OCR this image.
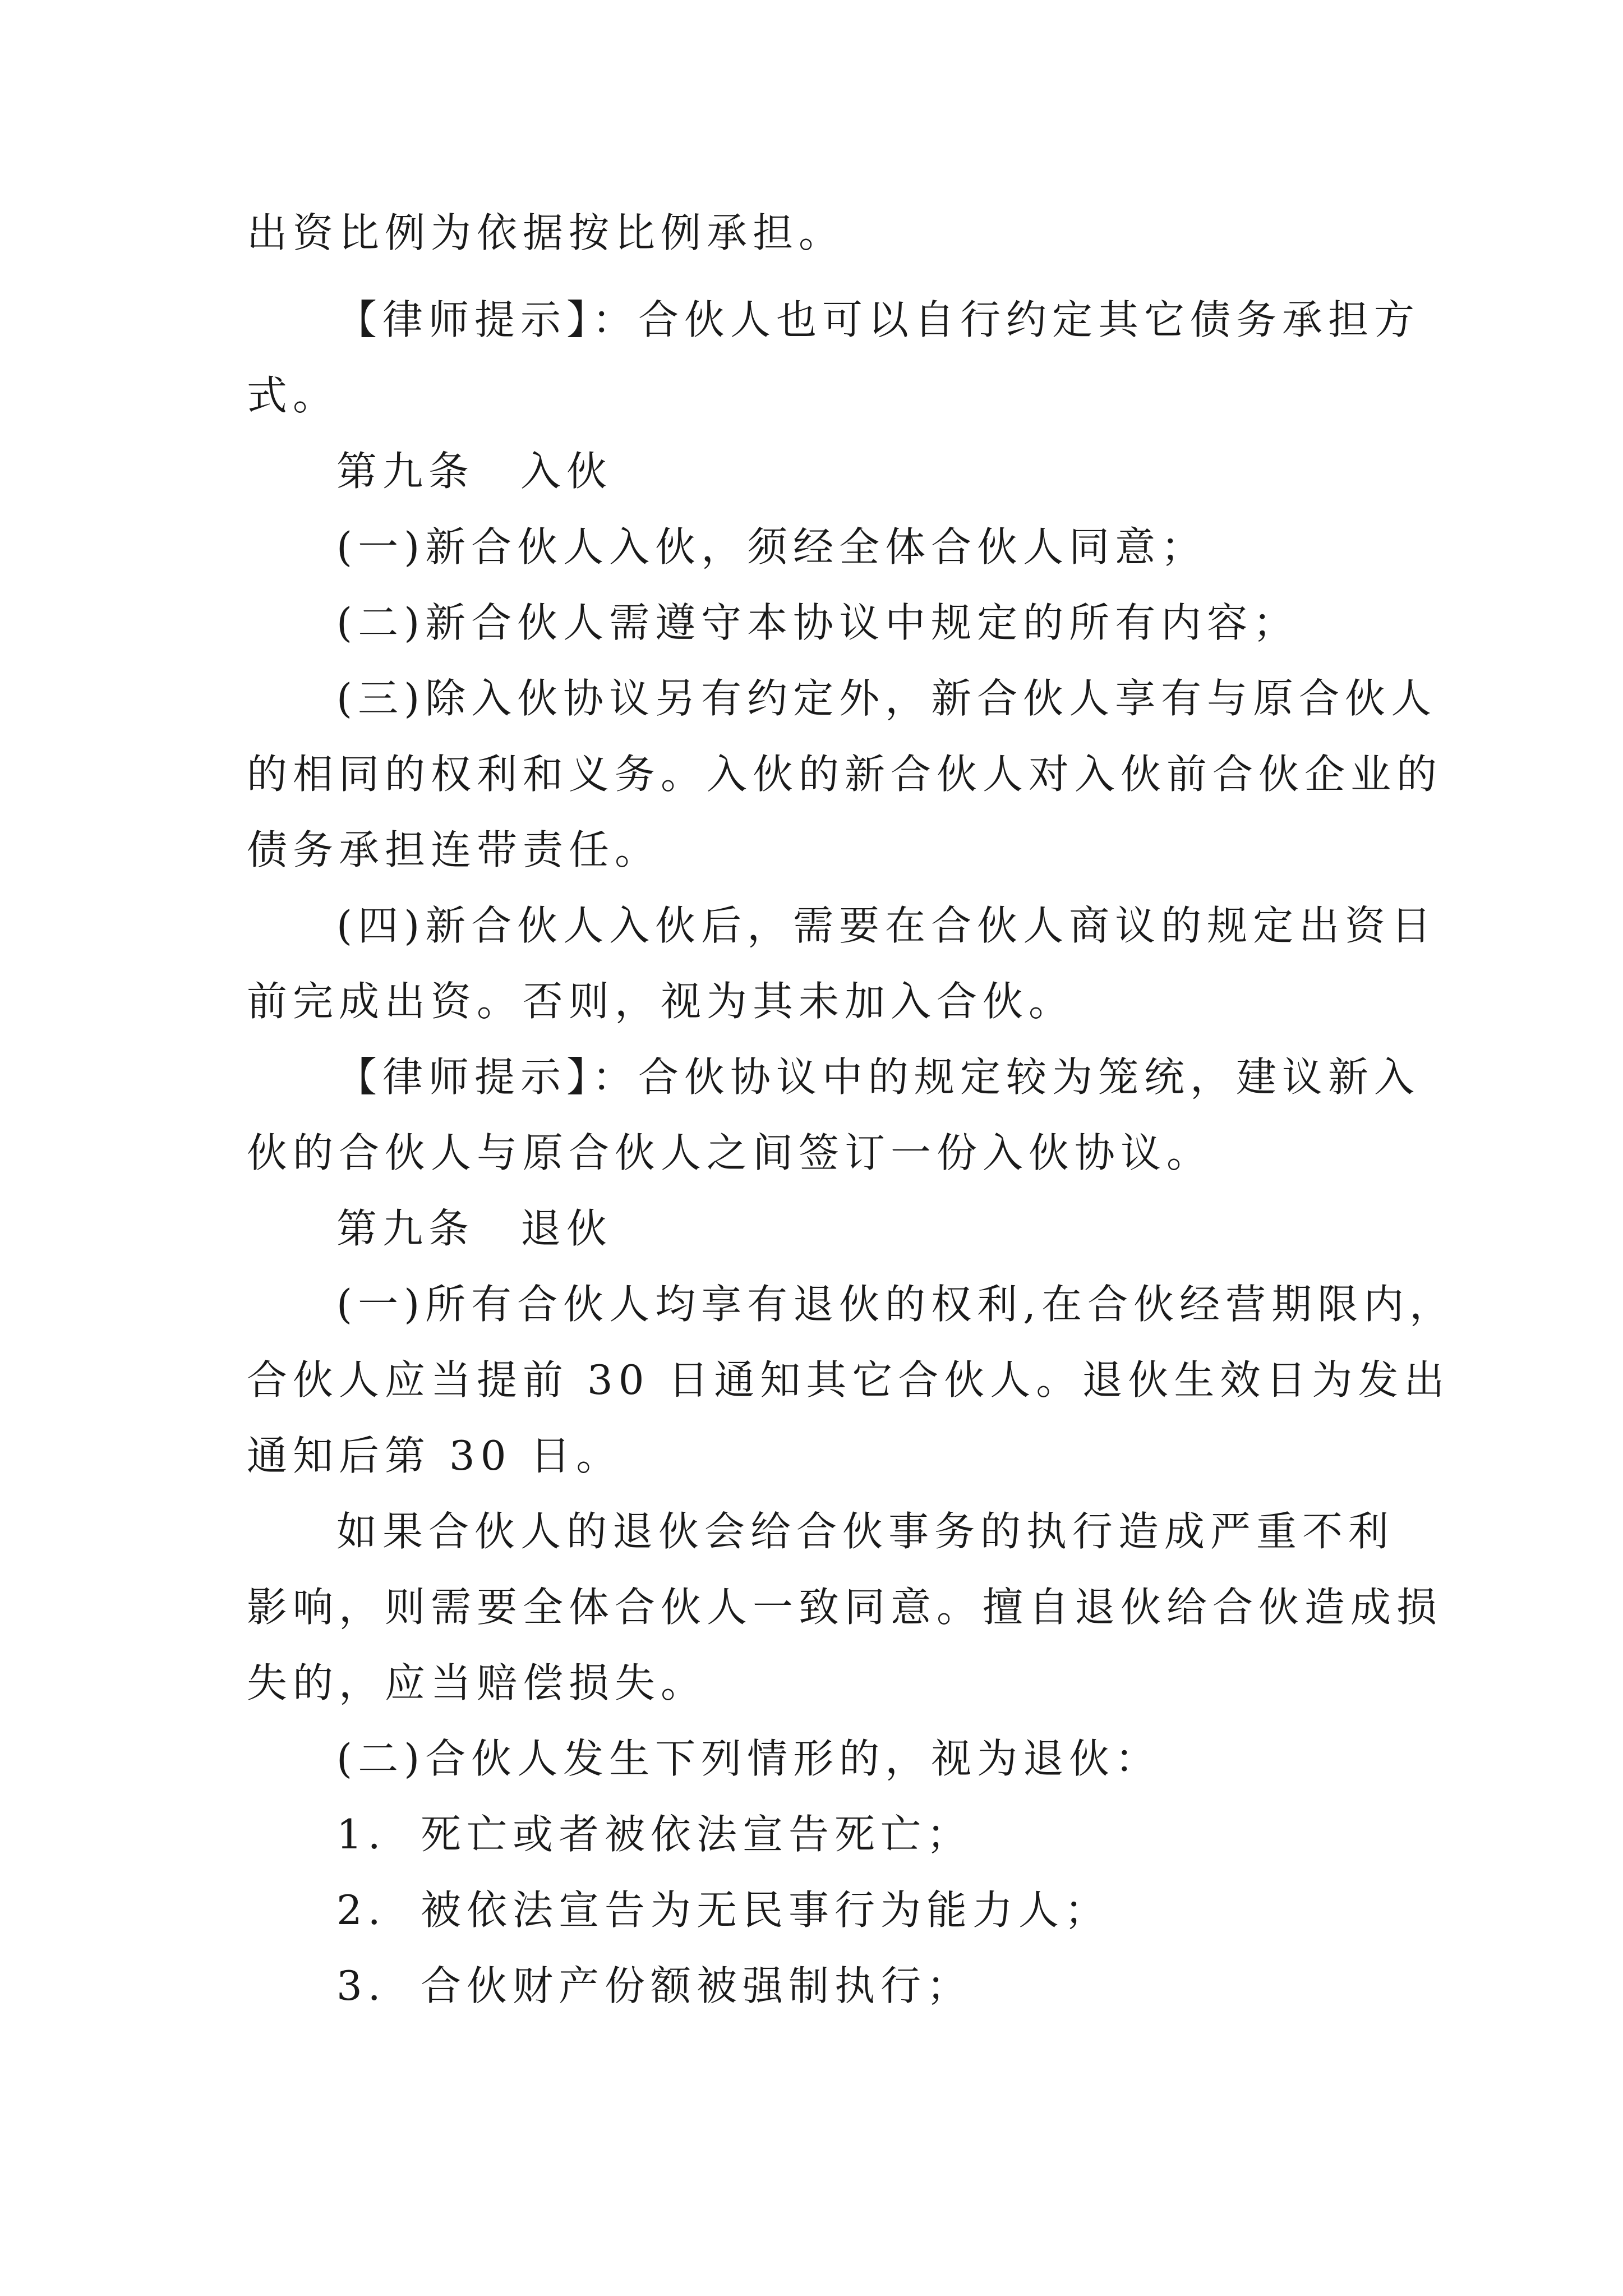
出资比例为依据按比例承担。
【律师提示】：合伙人也可以自行约定其它债务承担方
式。
第九条　入伙
(一)新合伙人入伙，须经全体合伙人同意；
(二)新合伙人需遵守本协议中规定的所有内容；
(三)除入伙协议另有约定外，新合伙人享有与原合伙人
的相同的权利和义务。入伙的新合伙人对入伙前合伙企业的
债务承担连带责任。
(四)新合伙人入伙后，需要在合伙人商议的规定出资日
前完成出资。否则，视为其未加入合伙。
【律师提示】：合伙协议中的规定较为笼统，建议新入
伙的合伙人与原合伙人之间签订一份入伙协议。
第九条　退伙
(一)所有合伙人均享有退伙的权利,在合伙经营期限内，
合伙人应当提前 30 日通知其它合伙人。退伙生效日为发出
通知后第 30 日。
如果合伙人的退伙会给合伙事务的执行造成严重不利
影响，则需要全体合伙人一致同意。擅自退伙给合伙造成损
失的，应当赔偿损失。
(二)合伙人发生下列情形的，视为退伙：
1. 死亡或者被依法宣告死亡；
2. 被依法宣告为无民事行为能力人；
3. 合伙财产份额被强制执行；
